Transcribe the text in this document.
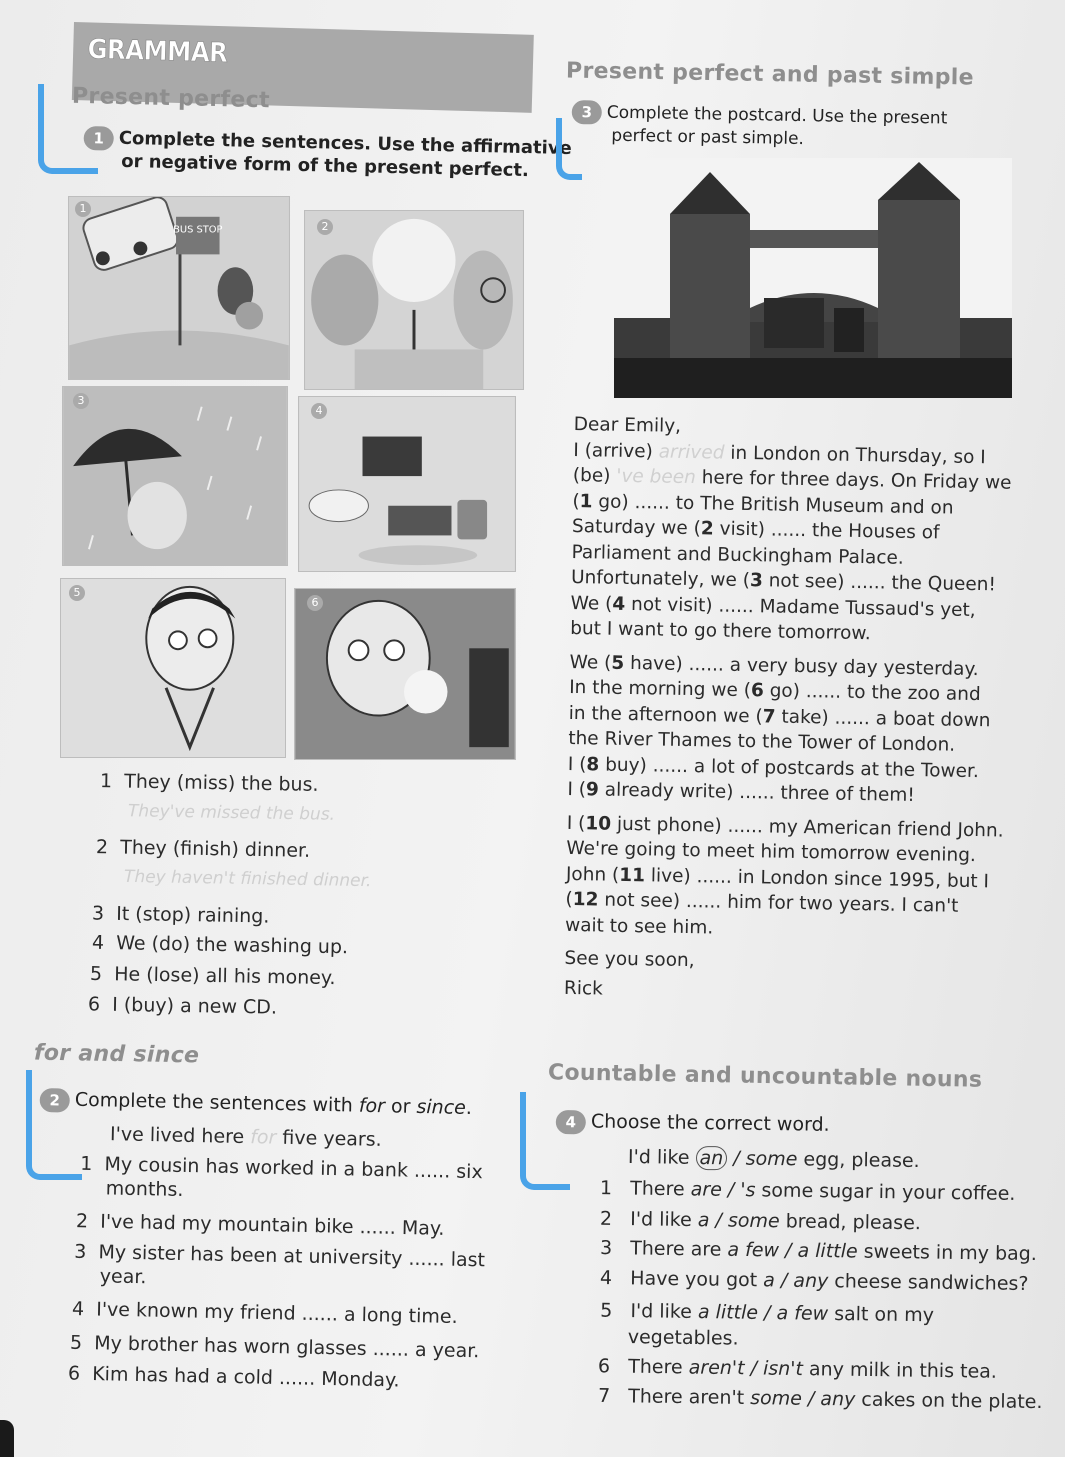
GRAMMAR
Present perfect
1 Complete the sentences. Use the affirmative
or negative form of the present perfect.
BUS STOP
1
2
3
4
5
6
1 They (miss) the bus.
They've missed the bus.
2 They (finish) dinner.
They haven't finished dinner.
3 It (stop) raining.
4 We (do) the washing up.
5 He (lose) all his money.
6 I (buy) a new CD.
for and since
2 Complete the sentences with for or since.
I've lived here for five years.
1 My cousin has worked in a bank ...... six
months.
2 I've had my mountain bike ...... May.
3 My sister has been at university ...... last
year.
4 I've known my friend ...... a long time.
5 My brother has worn glasses ...... a year.
6 Kim has had a cold ...... Monday.
Present perfect and past simple
3 Complete the postcard. Use the present
perfect or past simple.
Dear Emily,
I (arrive) arrived in London on Thursday, so I
(be) 've been here for three days. On Friday we
(1 go) ...... to The British Museum and on
Saturday we (2 visit) ...... the Houses of
Parliament and Buckingham Palace.
Unfortunately, we (3 not see) ...... the Queen!
We (4 not visit) ...... Madame Tussaud's yet,
but I want to go there tomorrow.
We (5 have) ...... a very busy day yesterday.
In the morning we (6 go) ...... to the zoo and
in the afternoon we (7 take) ...... a boat down
the River Thames to the Tower of London.
I (8 buy) ...... a lot of postcards at the Tower.
I (9 already write) ...... three of them!
I (10 just phone) ...... my American friend John.
We're going to meet him tomorrow evening.
John (11 live) ...... in London since 1995, but I
(12 not see) ...... him for two years. I can't
wait to see him.
See you soon,
Rick
Countable and uncountable nouns
4 Choose the correct word.
I'd like an / some egg, please.
1 There are / 's some sugar in your coffee.
2 I'd like a / some bread, please.
3 There are a few / a little sweets in my bag.
4 Have you got a / any cheese sandwiches?
5 I'd like a little / a few salt on my
vegetables.
6 There aren't / isn't any milk in this tea.
7 There aren't some / any cakes on the plate.
